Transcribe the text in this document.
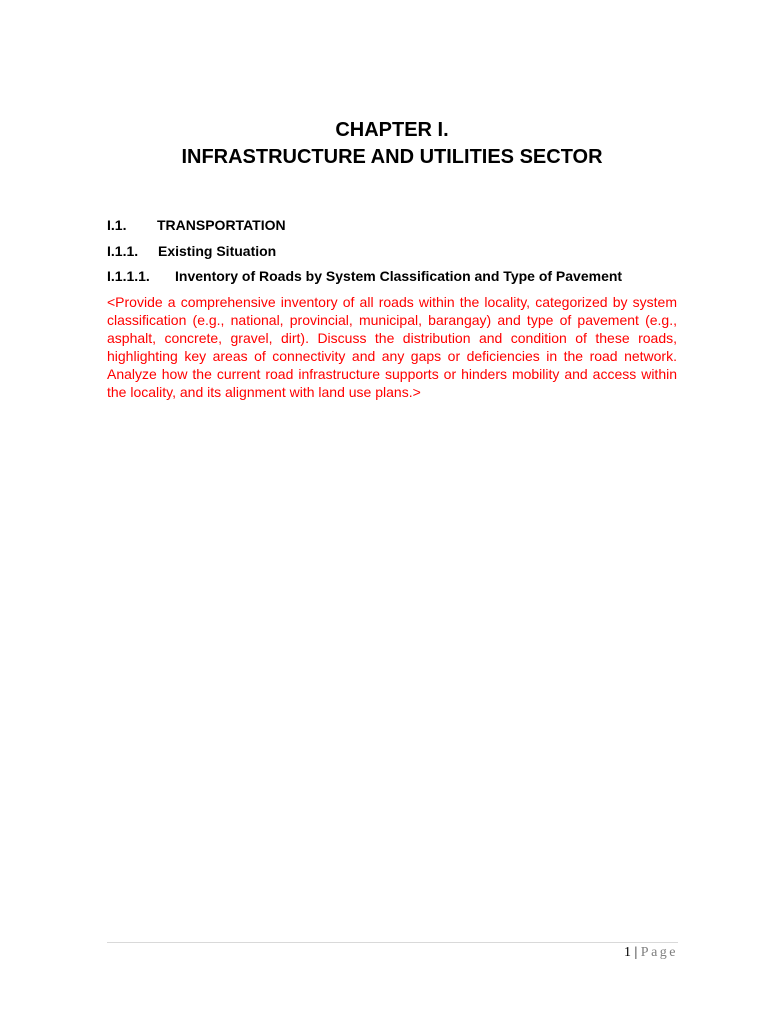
CHAPTER I.
INFRASTRUCTURE AND UTILITIES SECTOR
I.1. TRANSPORTATION
I.1.1. Existing Situation
I.1.1.1. Inventory of Roads by System Classification and Type of Pavement

<Provide a comprehensive inventory of all roads within the locality, categorized by system classification (e.g., national, provincial, municipal, barangay) and type of pavement (e.g., asphalt, concrete, gravel, dirt). Discuss the distribution and condition of these roads, highlighting key areas of connectivity and any gaps or deficiencies in the road network. Analyze how the current road infrastructure supports or hinders mobility and access within the locality, and its alignment with land use plans.>

1 | Page
